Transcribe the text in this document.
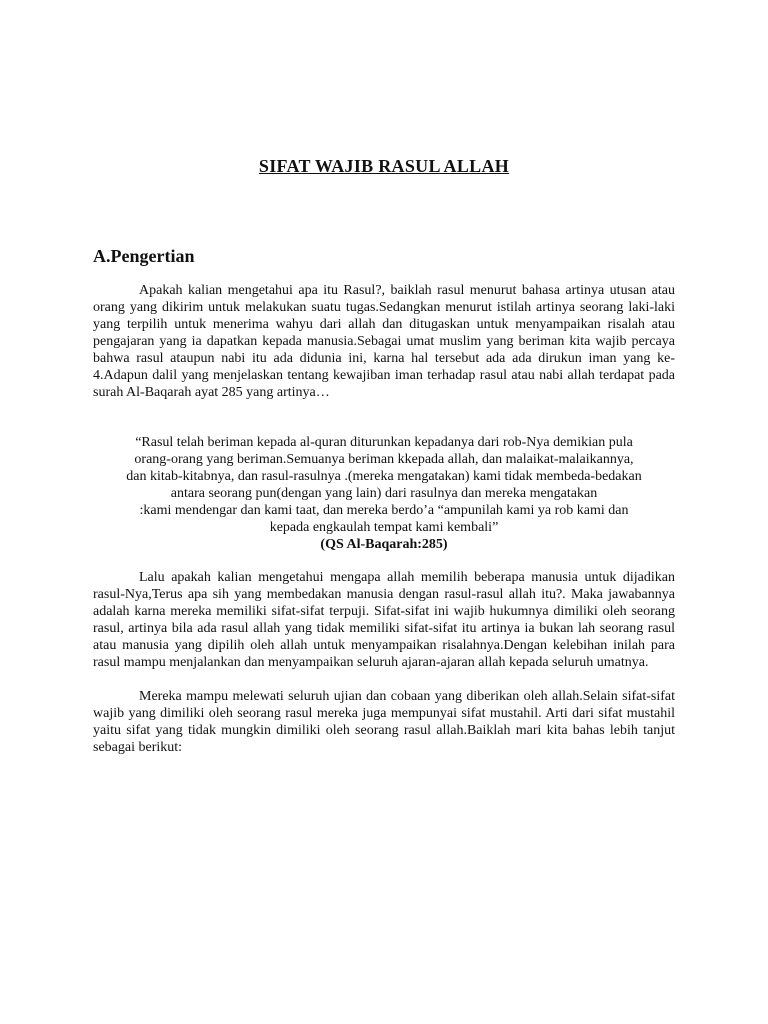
SIFAT WAJIB RASUL ALLAH
A.Pengertian

Apakah kalian mengetahui apa itu Rasul?, baiklah rasul menurut bahasa artinya utusan atau orang yang dikirim untuk melakukan suatu tugas.Sedangkan menurut istilah artinya seorang laki-laki yang terpilih untuk menerima wahyu dari allah dan ditugaskan untuk menyampaikan risalah atau pengajaran yang ia dapatkan kepada manusia.Sebagai umat muslim yang beriman kita wajib percaya bahwa rasul ataupun nabi itu ada didunia ini, karna hal tersebut ada ada dirukun iman yang ke-4.Adapun dalil yang menjelaskan tentang kewajiban iman terhadap rasul atau nabi allah terdapat pada surah Al-Baqarah ayat 285 yang artinya…

“Rasul telah beriman kepada al-quran diturunkan kepadanya dari rob-Nya demikian pula
orang-orang yang beriman.Semuanya beriman kkepada allah, dan malaikat-malaikannya,
dan kitab-kitabnya, dan rasul-rasulnya .(mereka mengatakan) kami tidak membeda-bedakan
antara seorang pun(dengan yang lain) dari rasulnya dan mereka mengatakan
:kami mendengar dan kami taat, dan mereka berdo’a “ampunilah kami ya rob kami dan
kepada engkaulah tempat kami kembali”
(QS Al-Baqarah:285)

Lalu apakah kalian mengetahui mengapa allah memilih beberapa manusia untuk dijadikan rasul-Nya,Terus apa sih yang membedakan manusia dengan rasul-rasul allah itu?. Maka jawabannya adalah karna mereka memiliki sifat-sifat terpuji. Sifat-sifat ini wajib hukumnya dimiliki oleh seorang rasul, artinya bila ada rasul allah yang tidak memiliki sifat-sifat itu artinya ia bukan lah seorang rasul atau manusia yang dipilih oleh allah untuk menyampaikan risalahnya.Dengan kelebihan inilah para rasul mampu menjalankan dan menyampaikan seluruh ajaran-ajaran allah kepada seluruh umatnya.

Mereka mampu melewati seluruh ujian dan cobaan yang diberikan oleh allah.Selain sifat-sifat wajib yang dimiliki oleh seorang rasul mereka juga mempunyai sifat mustahil. Arti dari sifat mustahil yaitu sifat yang tidak mungkin dimiliki oleh seorang rasul allah.Baiklah mari kita bahas lebih tanjut sebagai berikut:
